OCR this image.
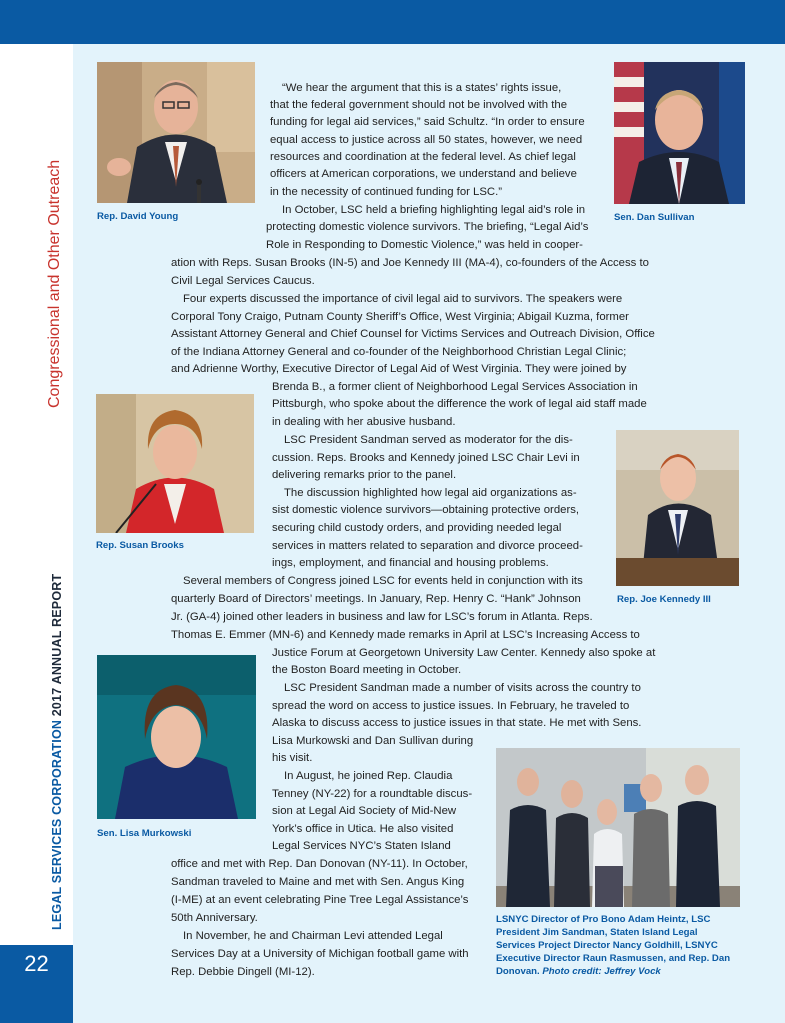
Congressional and Other Outreach
LEGAL SERVICES CORPORATION 2017 ANNUAL REPORT
22
Rep. David Young	Sen. Dan Sullivan
Rep. Susan Brooks
Rep. Joe Kennedy III
Sen. Lisa Murkowski
LSNYC Director of Pro Bono Adam Heintz, LSC
President Jim Sandman, Staten Island Legal
Services Project Director Nancy Goldhill, LSNYC
Executive Director Raun Rasmussen, and Rep. Dan
Donovan. Photo credit: Jeffrey Vock
“We hear the argument that this is a states’ rights issue,
that the federal government should not be involved with the
funding for legal aid services,” said Schultz. “In order to ensure
equal access to justice across all 50 states, however, we need
resources and coordination at the federal level. As chief legal
officers at American corporations, we understand and believe
in the necessity of continued funding for LSC.”
In October, LSC held a briefing highlighting legal aid’s role in
protecting domestic violence survivors. The briefing, “Legal Aid’s
Role in Responding to Domestic Violence,” was held in cooper-
ation with Reps. Susan Brooks (IN-5) and Joe Kennedy III (MA-4), co-founders of the Access to
Civil Legal Services Caucus.
Four experts discussed the importance of civil legal aid to survivors. The speakers were
Corporal Tony Craigo, Putnam County Sheriff’s Office, West Virginia; Abigail Kuzma, former
Assistant Attorney General and Chief Counsel for Victims Services and Outreach Division, Office
of the Indiana Attorney General and co-founder of the Neighborhood Christian Legal Clinic;
and Adrienne Worthy, Executive Director of Legal Aid of West Virginia. They were joined by
Brenda B., a former client of Neighborhood Legal Services Association in
Pittsburgh, who spoke about the difference the work of legal aid staff made
in dealing with her abusive husband.
LSC President Sandman served as moderator for the dis-
cussion. Reps. Brooks and Kennedy joined LSC Chair Levi in
delivering remarks prior to the panel.
The discussion highlighted how legal aid organizations as-
sist domestic violence survivors—obtaining protective orders,
securing child custody orders, and providing needed legal
services in matters related to separation and divorce proceed-
ings, employment, and financial and housing problems.
Several members of Congress joined LSC for events held in conjunction with its
quarterly Board of Directors’ meetings. In January, Rep. Henry C. “Hank” Johnson
Jr. (GA-4) joined other leaders in business and law for LSC’s forum in Atlanta. Reps.
Thomas E. Emmer (MN-6) and Kennedy made remarks in April at LSC’s Increasing Access to
Justice Forum at Georgetown University Law Center. Kennedy also spoke at
the Boston Board meeting in October.
LSC President Sandman made a number of visits across the country to
spread the word on access to justice issues. In February, he traveled to
Alaska to discuss access to justice issues in that state. He met with Sens.
Lisa Murkowski and Dan Sullivan during
his visit.
In August, he joined Rep. Claudia
Tenney (NY-22) for a roundtable discus-
sion at Legal Aid Society of Mid-New
York’s office in Utica. He also visited
Legal Services NYC’s Staten Island
office and met with Rep. Dan Donovan (NY-11). In October,
Sandman traveled to Maine and met with Sen. Angus King
(I-ME) at an event celebrating Pine Tree Legal Assistance’s
50th Anniversary.
In November, he and Chairman Levi attended Legal
Services Day at a University of Michigan football game with
Rep. Debbie Dingell (MI-12).
